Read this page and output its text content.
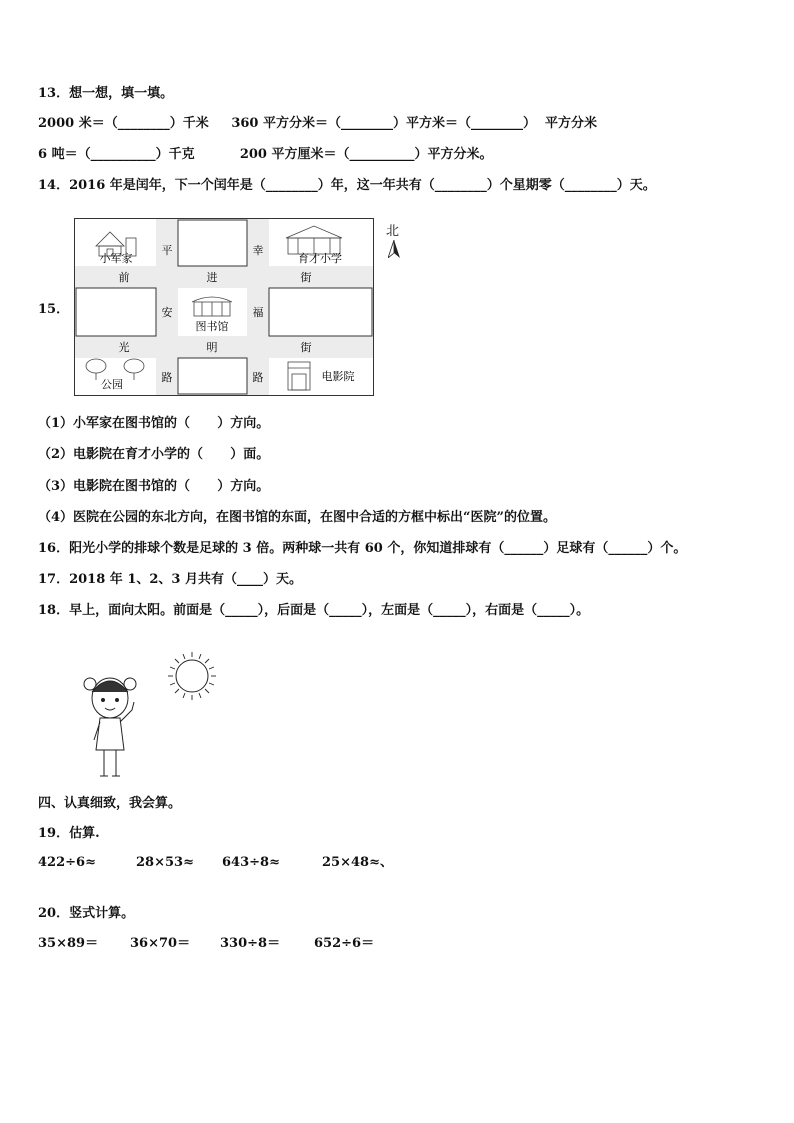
13．想一想，填一填。
2000 米＝（________）千米     360 平方分米＝（________）平方米＝（________）  平方分米
6 吨＝（__________）千克          200 平方厘米＝（__________）平方分米。
14．2016 年是闰年，下一个闰年是（________）年，这一年共有（________）个星期零（________）天。
15．
小军家	育才小学
图书馆
公园
电影院
前	进	街
光	明	街
平
安
路
幸
福
路
北
（1）小军家在图书馆的（      ）方向。
（2）电影院在育才小学的（      ）面。
（3）电影院在图书馆的（      ）方向。
（4）医院在公园的东北方向，在图书馆的东面，在图中合适的方框中标出“医院”的位置。
16．阳光小学的排球个数是足球的 3 倍。两种球一共有 60 个，你知道排球有（______）足球有（______）个。
17．2018 年 1、2、3 月共有（____）天。
18．早上，面向太阳。前面是（_____），后面是（_____），左面是（_____），右面是（_____）。
四、认真细致，我会算。
19．估算.
422÷6≈	28×53≈ 643÷8≈	25×48≈、
20．竖式计算。
35×89＝ 36×70＝ 330÷8＝	652÷6＝
